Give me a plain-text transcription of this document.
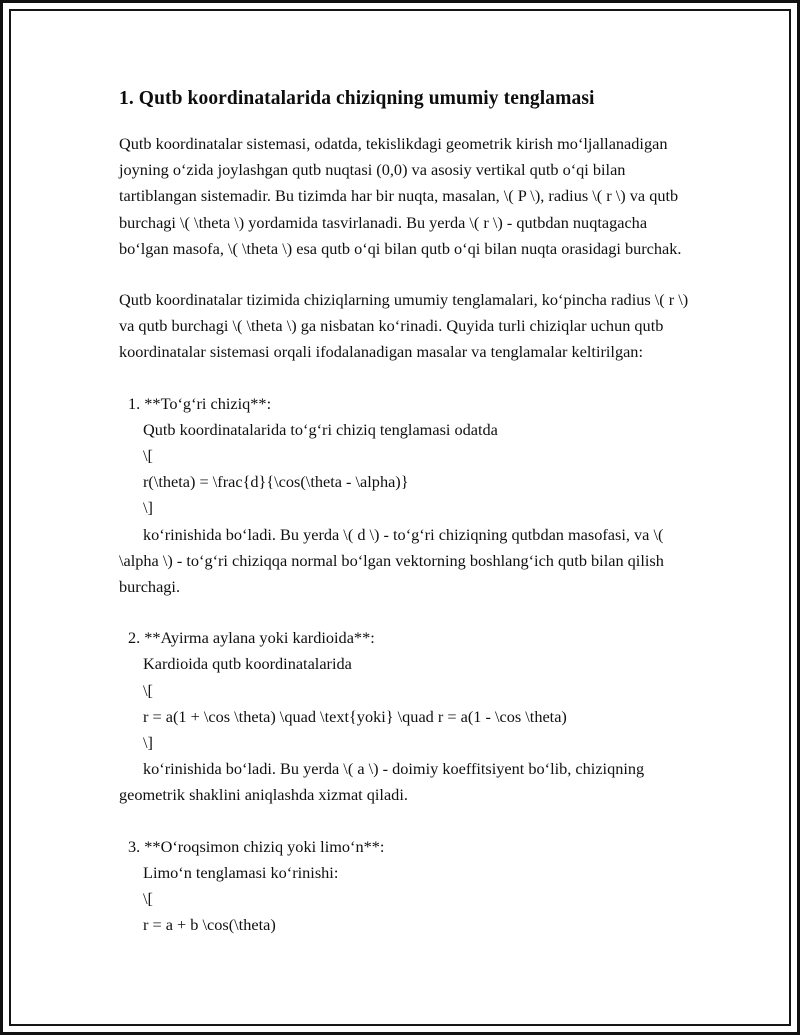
1. Qutb koordinatalarida chiziqning umumiy tenglamasi

Qutb koordinatalar sistemasi, odatda, tekislikdagi geometrik kirish mo‘ljallanadigan joyning o‘zida joylashgan qutb nuqtasi (0,0) va asosiy vertikal qutb o‘qi bilan tartiblangan sistemadir. Bu tizimda har bir nuqta, masalan, \( P \), radius \( r \) va qutb burchagi \( \theta \) yordamida tasvirlanadi. Bu yerda \( r \) - qutbdan nuqtagacha bo‘lgan masofa, \( \theta \) esa qutb o‘qi bilan qutb o‘qi bilan nuqta orasidagi burchak.

Qutb koordinatalar tizimida chiziqlarning umumiy tenglamalari, ko‘pincha radius \( r \) va qutb burchagi \( \theta \) ga nisbatan ko‘rinadi. Quyida turli chiziqlar uchun qutb koordinatalar sistemasi orqali ifodalanadigan masalar va tenglamalar keltirilgan:

1. **To‘g‘ri chiziq**:

Qutb koordinatalarida to‘g‘ri chiziq tenglamasi odatda

\[

r(\theta) = \frac{d}{\cos(\theta - \alpha)}

\]

ko‘rinishida bo‘ladi. Bu yerda \( d \) - to‘g‘ri chiziqning qutbdan masofasi, va \( \alpha \) - to‘g‘ri chiziqqa normal bo‘lgan vektorning boshlang‘ich qutb bilan qilish burchagi.

2. **Ayirma aylana yoki kardioida**:

Kardioida qutb koordinatalarida

\[

r = a(1 + \cos \theta) \quad \text{yoki} \quad r = a(1 - \cos \theta)

\]

ko‘rinishida bo‘ladi. Bu yerda \( a \) - doimiy koeffitsiyent bo‘lib, chiziqning geometrik shaklini aniqlashda xizmat qiladi.

3. **O‘roqsimon chiziq yoki limo‘n**:

Limo‘n tenglamasi ko‘rinishi:

\[

r = a + b \cos(\theta)
